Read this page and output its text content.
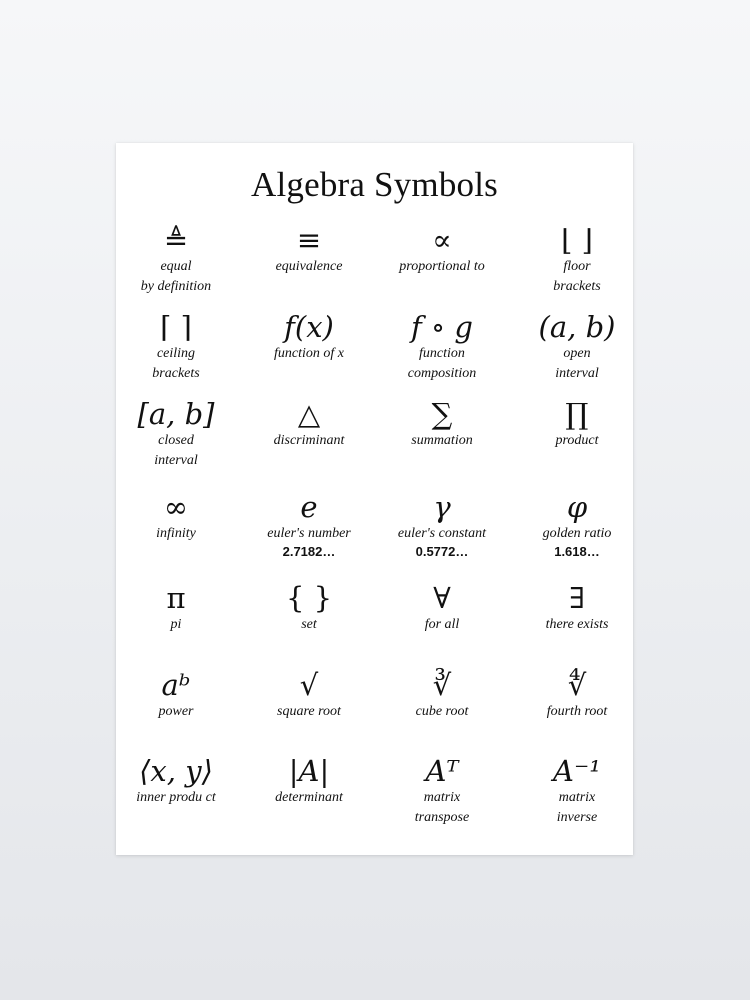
Algebra Symbols
≜
equal
by definition
≡
equivalence
∝
proportional to
⌊ ⌋
floor
brackets
⌈ ⌉
ceiling
brackets
f(x)
function of x
f ∘ g
function
composition
(a, b)
open
interval
[a, b]
closed
interval
△
discriminant
∑
summation
∏
product
∞
infinity
e
euler's number
2.7182…
γ
euler's constant
0.5772…
φ
golden ratio
1.618…
π
pi
{ }
set
∀
for all
∃
there exists
aᵇ
power
√
square root
∛
cube root
∜
fourth root
⟨x, y⟩
inner produ ct
|A|
determinant
Aᵀ
matrix
transpose
A⁻¹
matrix
inverse
